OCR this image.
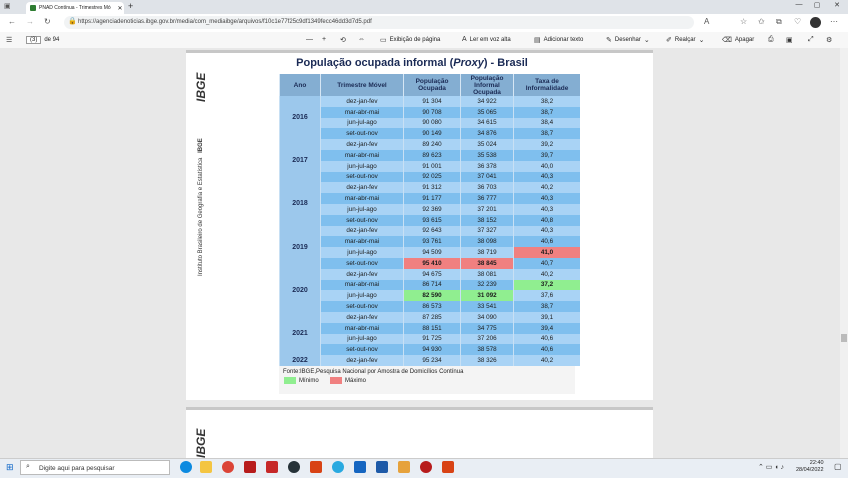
▣	PNAD Contínua - Trimestres Mó	✕ +	—	▢	✕
← → ↻	https://agenciadenoticias.ibge.gov.br/media/com_mediaibge/arquivos/f10c1e77f25c9df1349fecc46dd3d7d5.pdf
🔒	A	☆ ✩ ⧉ ♡	⋯
☰	(3)	de 94	— + ⟲ ⇔ ▭ Exibição de página	A Ler em voz alta	▤ Adicionar texto	✎ Desenhar ⌄ ✐ Realçar ⌄	⌫ Apagar ⎙ ▣ ⤢ ⚙
IBGE
Instituto Brasileiro de Geografia e Estatística IBGE
População ocupada informal (Proxy) - Brasil
Ano	Trimestre Móvel	População Ocupada	População Informal Ocupada	Taxa de Informalidade
2016	dez-jan-fev	91 304	34 922	38,2
	mar-abr-mai	90 708	35 065	38,7
	jun-jul-ago	90 080	34 615	38,4
	set-out-nov	90 149	34 876	38,7
2017	dez-jan-fev	89 240	35 024	39,2
	mar-abr-mai	89 623	35 538	39,7
	jun-jul-ago	91 001	36 378	40,0
	set-out-nov	92 025	37 041	40,3
2018	dez-jan-fev	91 312	36 703	40,2
	mar-abr-mai	91 177	36 777	40,3
	jun-jul-ago	92 369	37 201	40,3
	set-out-nov	93 615	38 152	40,8
2019	dez-jan-fev	92 643	37 327	40,3
	mar-abr-mai	93 761	38 098	40,6
	jun-jul-ago	94 509	38 719	41,0
	set-out-nov	95 410	38 845	40,7
2020	dez-jan-fev	94 675	38 081	40,2
	mar-abr-mai	86 714	32 239	37,2
	jun-jul-ago	82 590	31 092	37,6
	set-out-nov	86 573	33 541	38,7
2021	dez-jan-fev	87 285	34 090	39,1
	mar-abr-mai	88 151	34 775	39,4
	jun-jul-ago	91 725	37 206	40,6
	set-out-nov	94 930	38 578	40,6
2022	dez-jan-fev	95 234	38 326	40,2
Fonte:IBGE,Pesquisa Nacional por Amostra de Domicílios Contínua
Mínimo	Máximo
IBGE
⊞	Digite aqui para pesquisar
⌕	⌃ ▭ ◖ ♪
22:40
28/04/2022 ▢
